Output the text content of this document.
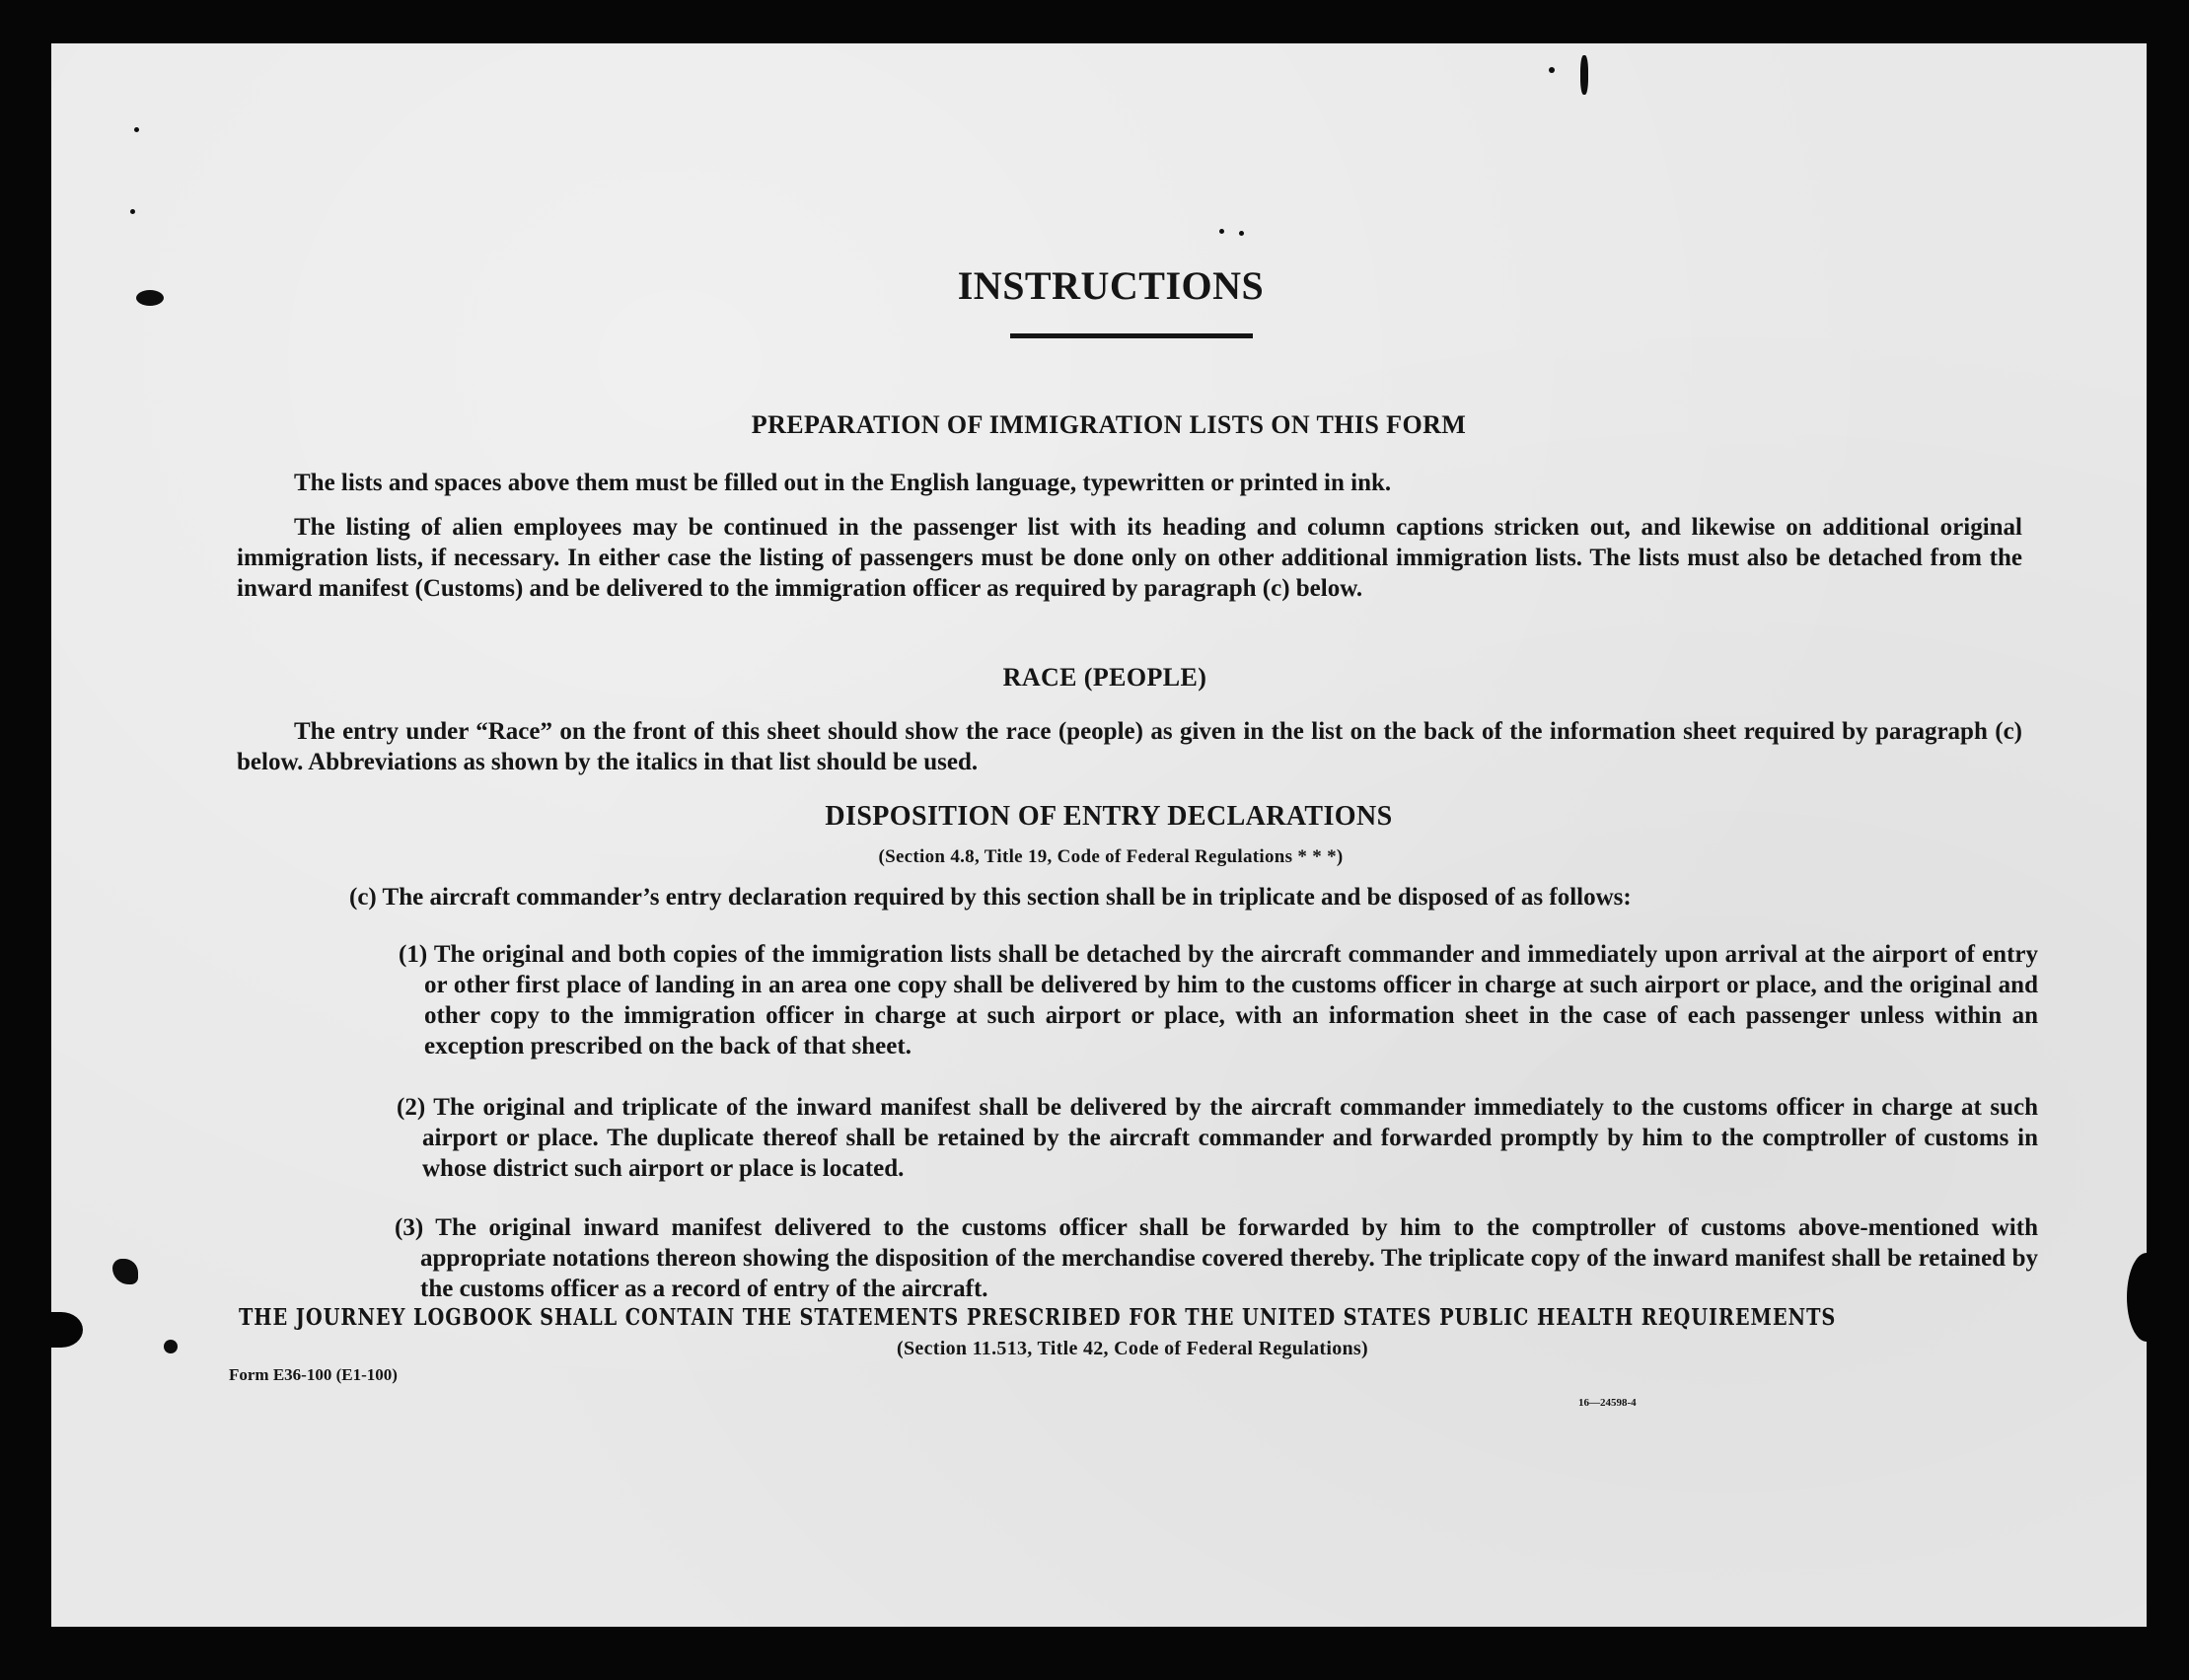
INSTRUCTIONS
PREPARATION OF IMMIGRATION LISTS ON THIS FORM
The lists and spaces above them must be filled out in the English language, typewritten or printed in ink.
The listing of alien employees may be continued in the passenger list with its heading and column captions stricken out, and likewise on additional original immigration lists, if necessary. In either case the listing of passengers must be done only on other additional immigration lists. The lists must also be detached from the inward manifest (Customs) and be delivered to the immigration officer as required by paragraph (c) below.
RACE (PEOPLE)
The entry under “Race” on the front of this sheet should show the race (people) as given in the list on the back of the information sheet required by paragraph (c) below. Abbreviations as shown by the italics in that list should be used.
DISPOSITION OF ENTRY DECLARATIONS
(Section 4.8, Title 19, Code of Federal Regulations * * *)
(c) The aircraft commander’s entry declaration required by this section shall be in triplicate and be disposed of as follows:
(1) The original and both copies of the immigration lists shall be detached by the aircraft commander and immediately upon arrival at the airport of entry or other first place of landing in an area one copy shall be delivered by him to the customs officer in charge at such airport or place, and the original and other copy to the immigration officer in charge at such airport or place, with an information sheet in the case of each passenger unless within an exception prescribed on the back of that sheet.
(2) The original and triplicate of the inward manifest shall be delivered by the aircraft commander immediately to the customs officer in charge at such airport or place. The duplicate thereof shall be retained by the aircraft commander and forwarded promptly by him to the comptroller of customs in whose district such airport or place is located.
(3) The original inward manifest delivered to the customs officer shall be forwarded by him to the comptroller of customs above-mentioned with appropriate notations thereon showing the disposition of the merchandise covered thereby. The triplicate copy of the inward manifest shall be retained by the customs officer as a record of entry of the aircraft.
THE JOURNEY LOGBOOK SHALL CONTAIN THE STATEMENTS PRESCRIBED FOR THE UNITED STATES PUBLIC HEALTH REQUIREMENTS
(Section 11.513, Title 42, Code of Federal Regulations)
Form E36-100 (E1-100)
16—24598-4
